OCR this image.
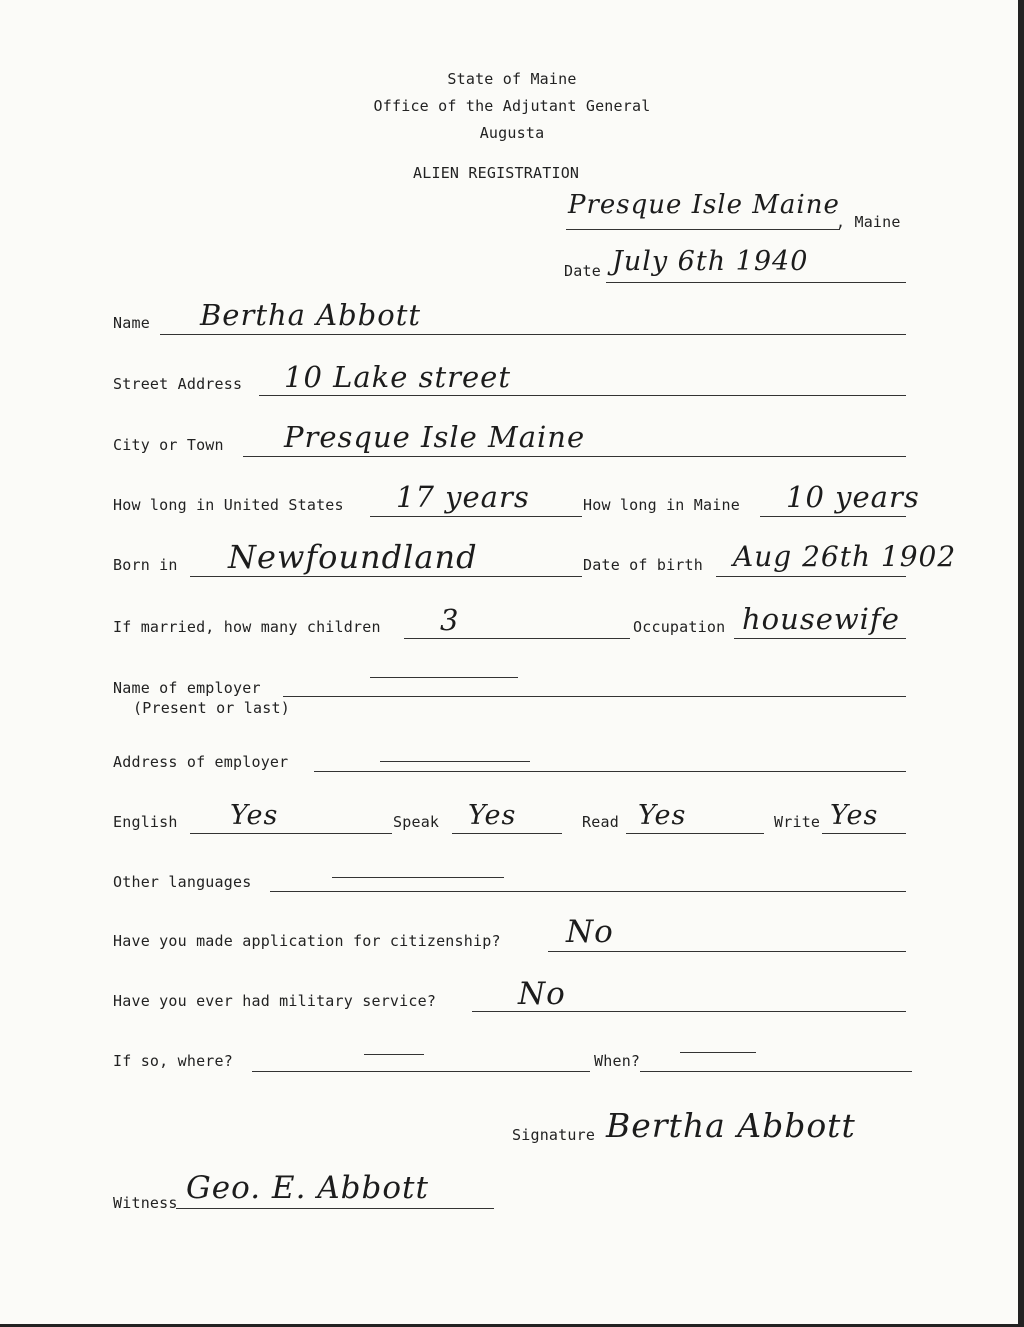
State of Maine
Office of the Adjutant General
Augusta
ALIEN REGISTRATION
Presque Isle Maine
, Maine
Date July 6th 1940
Name Bertha Abbott
Street Address 10 Lake street
City or Town Presque Isle Maine
How long in United States 17 years	How long in Maine 10 years
Born in Newfoundland	Date of birth Aug 26th 1902
If married, how many children 3	Occupation housewife
Name of employer
(Present or last)
Address of employer
English Yes	Speak Yes	Read Yes	Write Yes
Other languages
Have you made application for citizenship? No
Have you ever had military service?	No
If so, where?	When?
Signature Bertha Abbott
Witness Geo. E. Abbott
